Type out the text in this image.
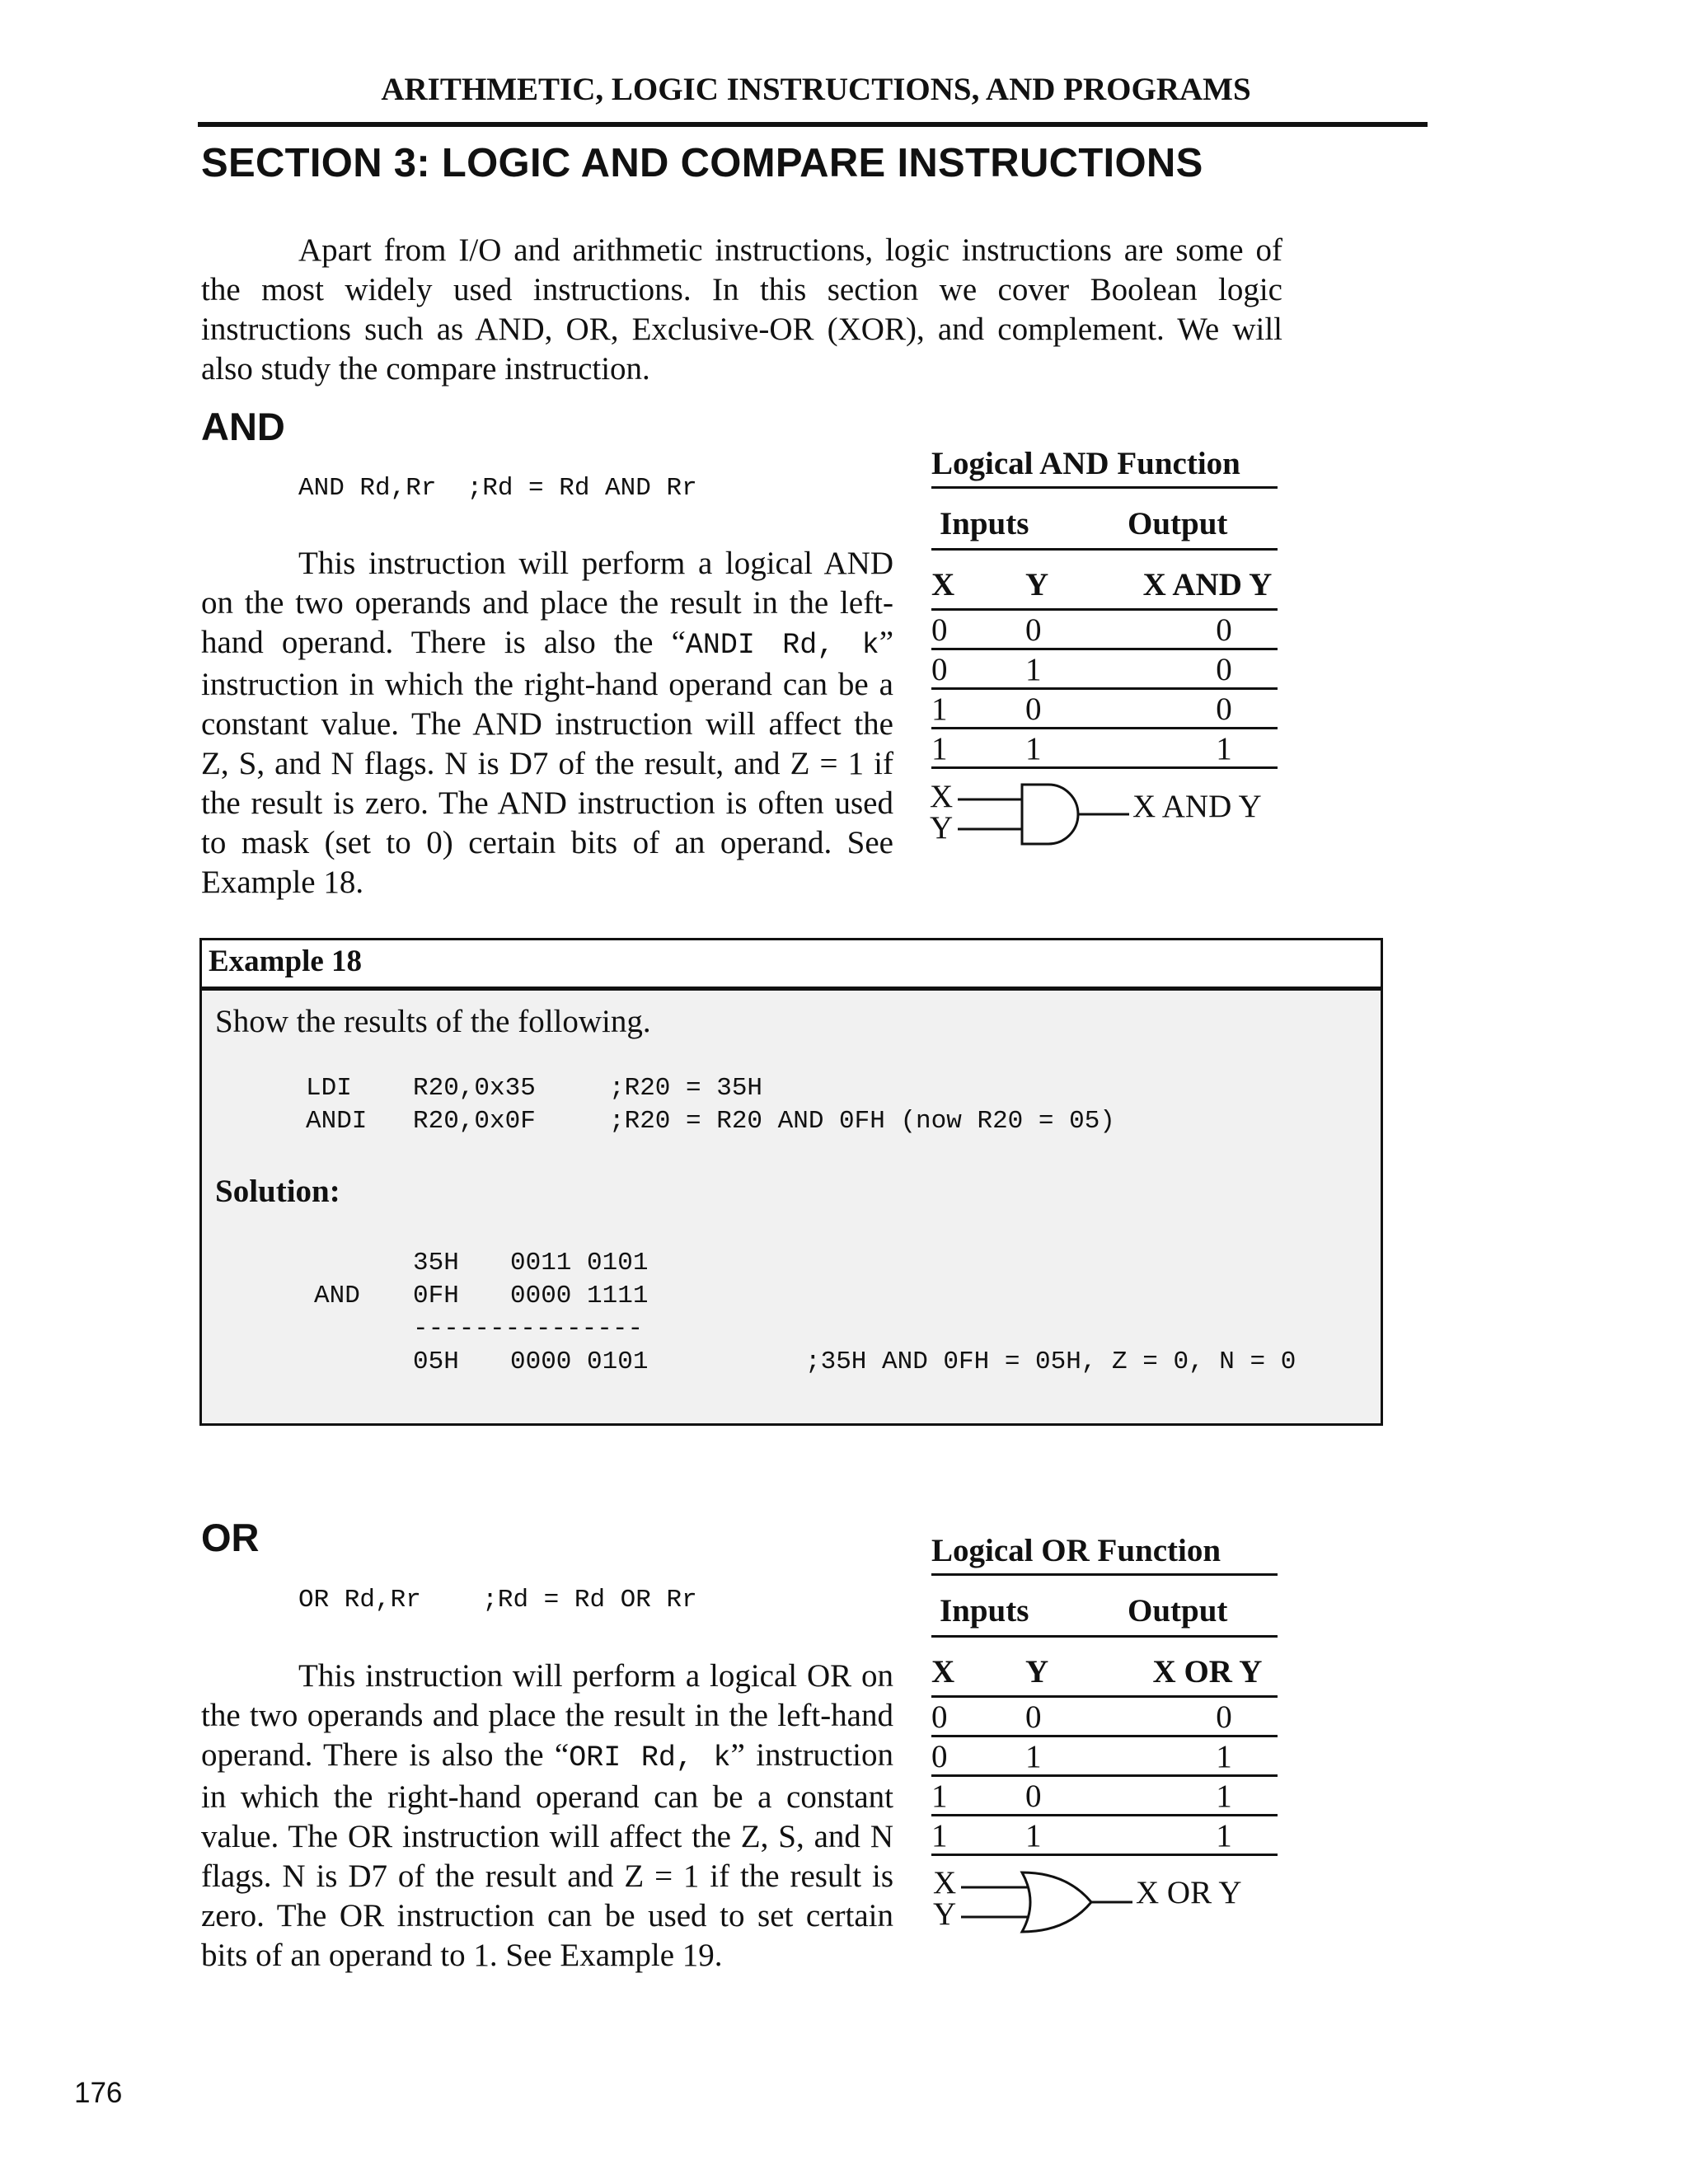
ARITHMETIC, LOGIC INSTRUCTIONS, AND PROGRAMS
SECTION 3: LOGIC AND COMPARE INSTRUCTIONS

Apart from I/O and arithmetic instructions, logic instructions are some of the most widely used instructions. In this section we cover Boolean logic instructions such as AND, OR, Exclusive-OR (XOR), and complement. We will also study the compare instruction.

AND
AND Rd,Rr  ;Rd = Rd AND Rr

This instruction will perform a logical AND on the two operands and place the result in the left-hand operand. There is also the “ANDI Rd, k” instruction in which the right-hand operand can be a constant value. The AND instruction will affect the Z, S, and N flags. N is D7 of the result, and Z = 1 if the result is zero. The AND instruction is often used to mask (set to 0) certain bits of an operand. See Example 18.

Logical AND Function
Inputs	Output
X Y	X AND Y
0 0	0
0 1	0
1 0	0
1 1	1
X
Y
X AND Y
Example 18
Show the results of the following.
LDI R20,0x35	;R20 = 35H
ANDI R20,0x0F	;R20 = R20 AND 0FH (now R20 = 05)
Solution:
35H 0011 0101
AND 0FH 0000 1111
---------------
05H 0000 0101	;35H AND 0FH = 05H, Z = 0, N = 0
OR
OR Rd,Rr    ;Rd = Rd OR Rr

This instruction will perform a logical OR on the two operands and place the result in the left-hand operand. There is also the “ORI Rd, k” instruction in which the right-hand operand can be a constant value. The OR instruction will affect the Z, S, and N flags. N is D7 of the result and Z = 1 if the result is zero. The OR instruction can be used to set certain bits of an operand to 1. See Example 19.

Logical OR Function
Inputs	Output
X Y	X OR Y
0 0	0
0 1	1
1 0	1
1 1	1
X
Y
X OR Y
176
